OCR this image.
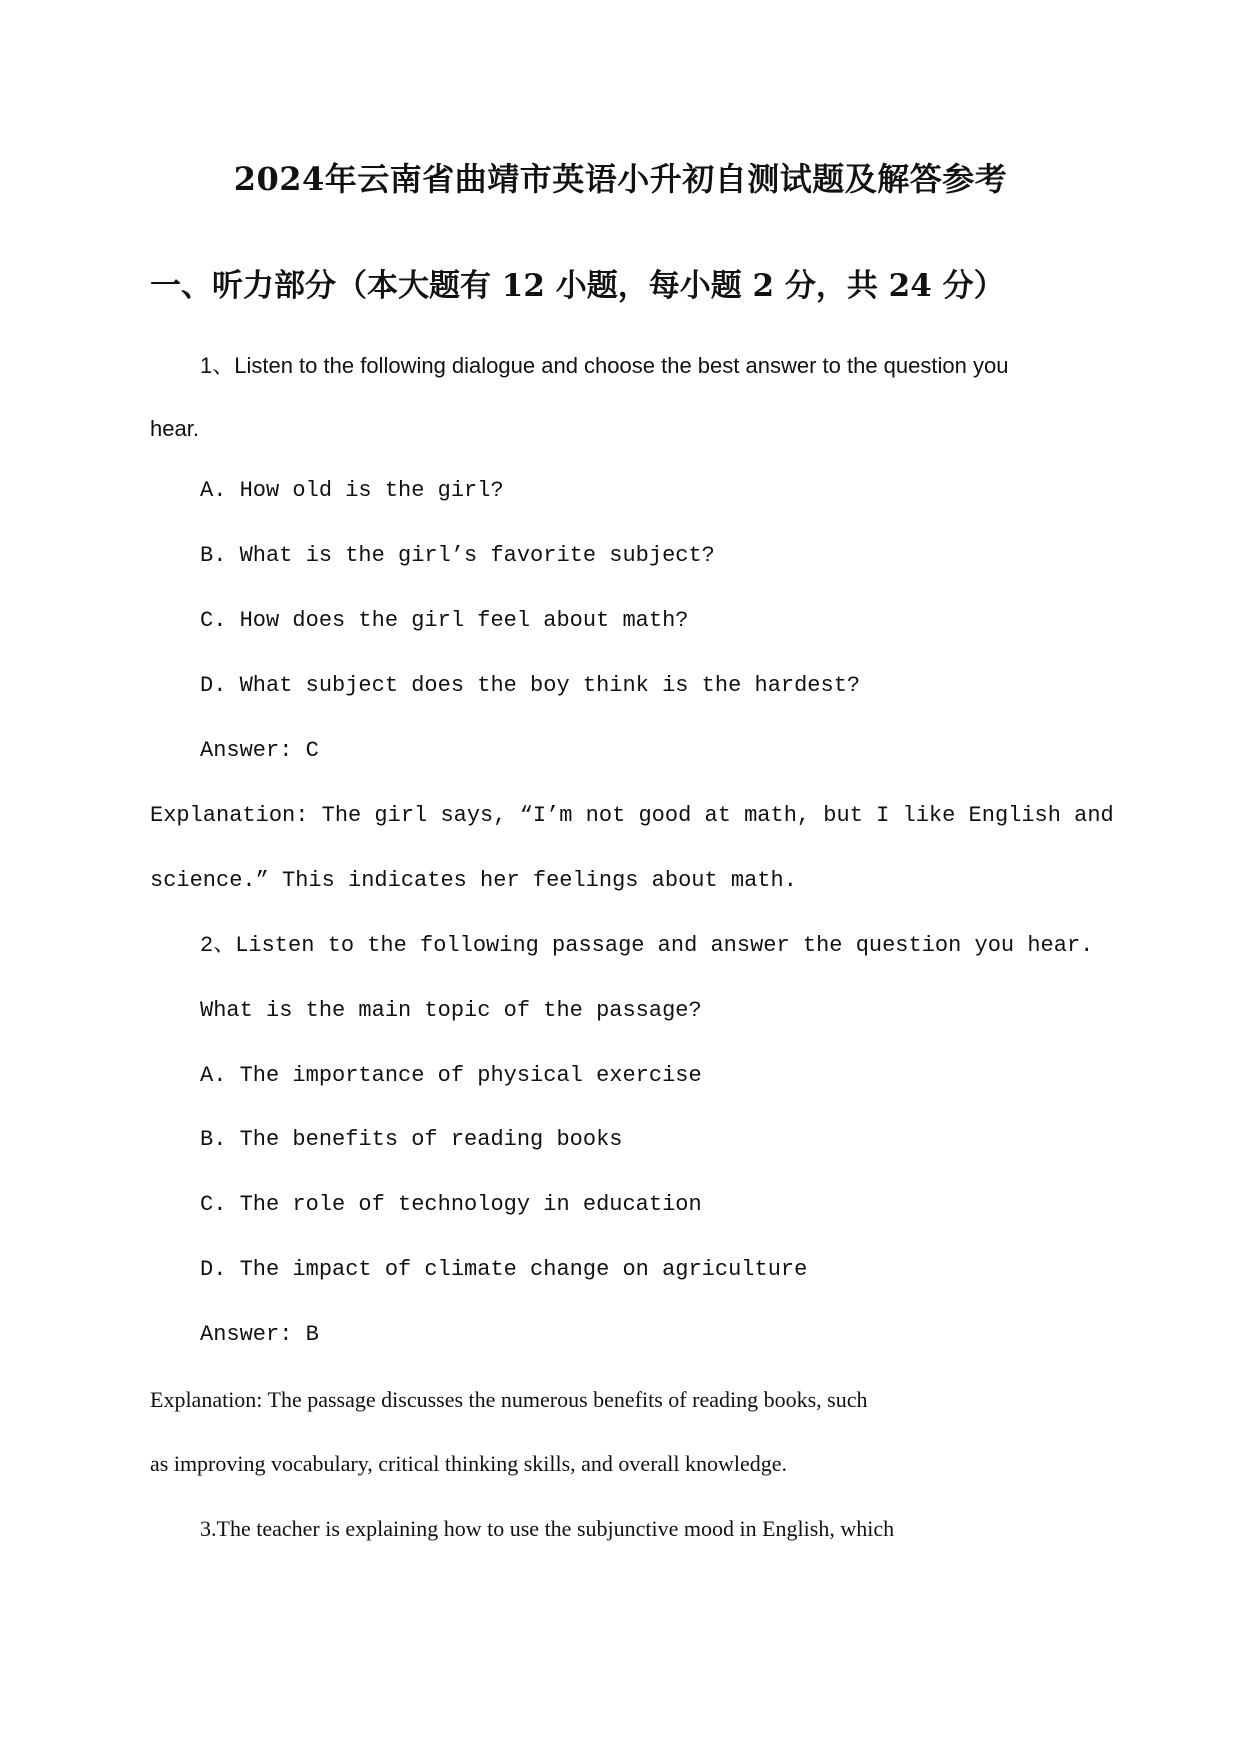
2024年云南省曲靖市英语小升初自测试题及解答参考
一、听力部分（本大题有 12 小题，每小题 2 分，共 24 分）
1、Listen to the following dialogue and choose the best answer to the question you
hear.
A. How old is the girl?
B. What is the girl’s favorite subject?
C. How does the girl feel about math?
D. What subject does the boy think is the hardest?
Answer: C
Explanation: The girl says, “I’m not good at math, but I like English and
science.” This indicates her feelings about math.
2、Listen to the following passage and answer the question you hear.
What is the main topic of the passage?
A. The importance of physical exercise
B. The benefits of reading books
C. The role of technology in education
D. The impact of climate change on agriculture
Answer: B
Explanation: The passage discusses the numerous benefits of reading books, such
as improving vocabulary, critical thinking skills, and overall knowledge.
3.The teacher is explaining how to use the subjunctive mood in English, which
